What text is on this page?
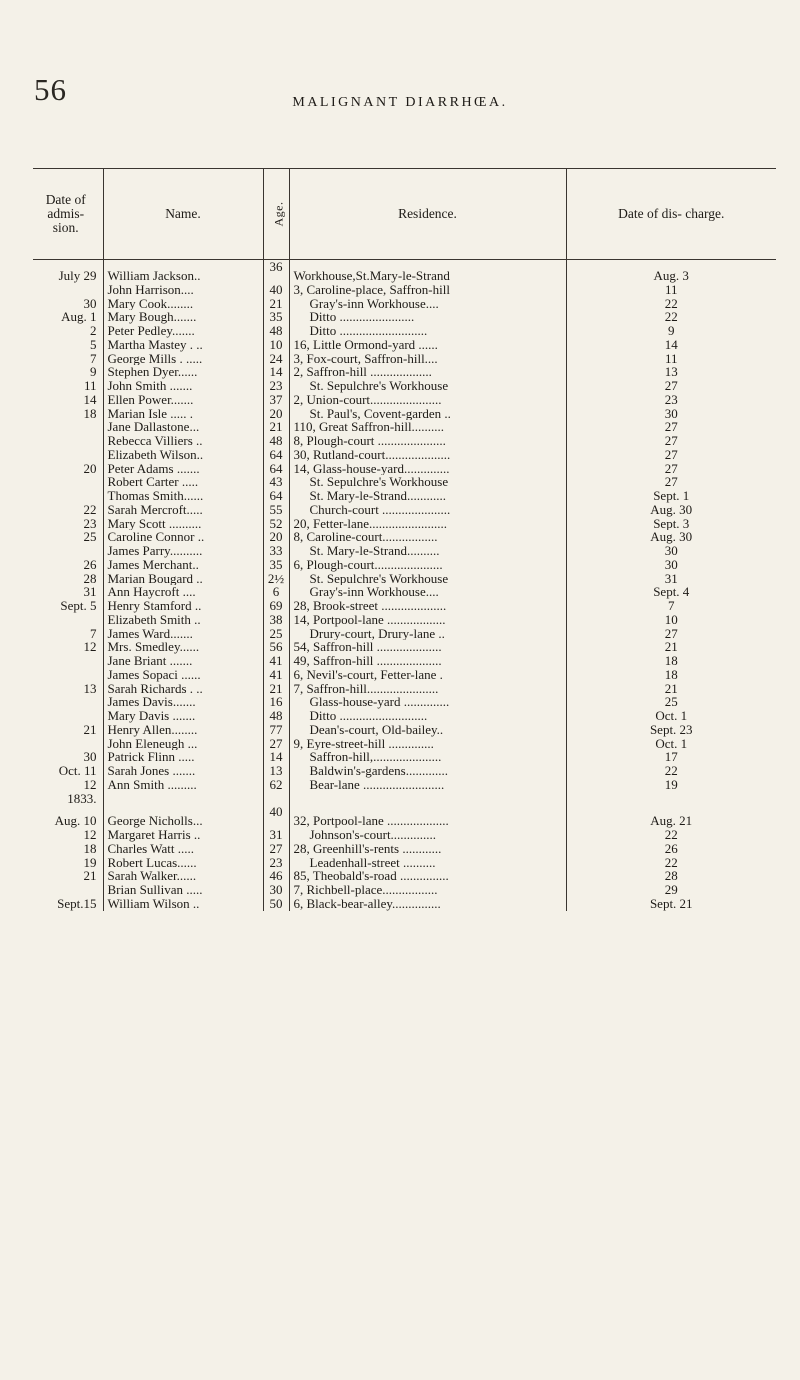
56	MALIGNANT DIARRHŒA.
Date of admis- sion.	Name.	Age.	Residence.	Date of dis- charge.
July 29	William Jackson..	36	Workhouse,St.Mary-le-Strand	Aug. 3
	John Harrison....	40	3, Caroline-place, Saffron-hill	11
30	Mary Cook........	21	Gray's-inn Workhouse....	22
Aug. 1	Mary Bough.......	35	Ditto .......................	22
2	Peter Pedley.......	48	Ditto ...........................	9
5	Martha Mastey . ..	10	16, Little Ormond-yard ......	14
7	George Mills . .....	24	3, Fox-court, Saffron-hill....	11
9	Stephen Dyer......	14	2, Saffron-hill ...................	13
11	John Smith .......	23	St. Sepulchre's Workhouse	27
14	Ellen Power.......	37	2, Union-court......................	23
18	Marian Isle ..... .	20	St. Paul's, Covent-garden ..	30
	Jane Dallastone...	21	110, Great Saffron-hill..........	27
	Rebecca Villiers ..	48	8, Plough-court .....................	27
	Elizabeth Wilson..	64	30, Rutland-court....................	27
20	Peter Adams .......	64	14, Glass-house-yard..............	27
	Robert Carter .....	43	St. Sepulchre's Workhouse	27
	Thomas Smith......	64	St. Mary-le-Strand............	Sept. 1
22	Sarah Mercroft.....	55	Church-court .....................	Aug. 30
23	Mary Scott ..........	52	20, Fetter-lane........................	Sept. 3
25	Caroline Connor ..	20	8, Caroline-court.................	Aug. 30
	James Parry..........	33	St. Mary-le-Strand..........	30
26	James Merchant..	35	6, Plough-court.....................	30
28	Marian Bougard ..	2½	St. Sepulchre's Workhouse	31
31	Ann Haycroft ....	6	Gray's-inn Workhouse....	Sept. 4
Sept. 5	Henry Stamford ..	69	28, Brook-street ....................	7
	Elizabeth Smith ..	38	14, Portpool-lane ..................	10
7	James Ward.......	25	Drury-court, Drury-lane ..	27
12	Mrs. Smedley......	56	54, Saffron-hill ....................	21
	Jane Briant .......	41	49, Saffron-hill ....................	18
	James Sopaci ......	41	6, Nevil's-court, Fetter-lane .	18
13	Sarah Richards . ..	21	7, Saffron-hill......................	21
	James Davis.......	16	Glass-house-yard ..............	25
	Mary Davis .......	48	Ditto ...........................	Oct. 1
21	Henry Allen........	77	Dean's-court, Old-bailey..	Sept. 23
	John Eleneugh ...	27	9, Eyre-street-hill ..............	Oct. 1
30	Patrick Flinn .....	14	Saffron-hill,.....................	17
Oct. 11	Sarah Jones .......	13	Baldwin's-gardens.............	22
12	Ann Smith .........	62	Bear-lane .........................	19
1833.				
Aug. 10	George Nicholls...	40	32, Portpool-lane ...................	Aug. 21
12	Margaret Harris ..	31	Johnson's-court..............	22
18	Charles Watt .....	27	28, Greenhill's-rents ............	26
19	Robert Lucas......	23	Leadenhall-street ..........	22
21	Sarah Walker......	46	85, Theobald's-road ...............	28
	Brian Sullivan .....	30	7, Richbell-place.................	29
Sept.15	William Wilson ..	50	6, Black-bear-alley...............	Sept. 21
